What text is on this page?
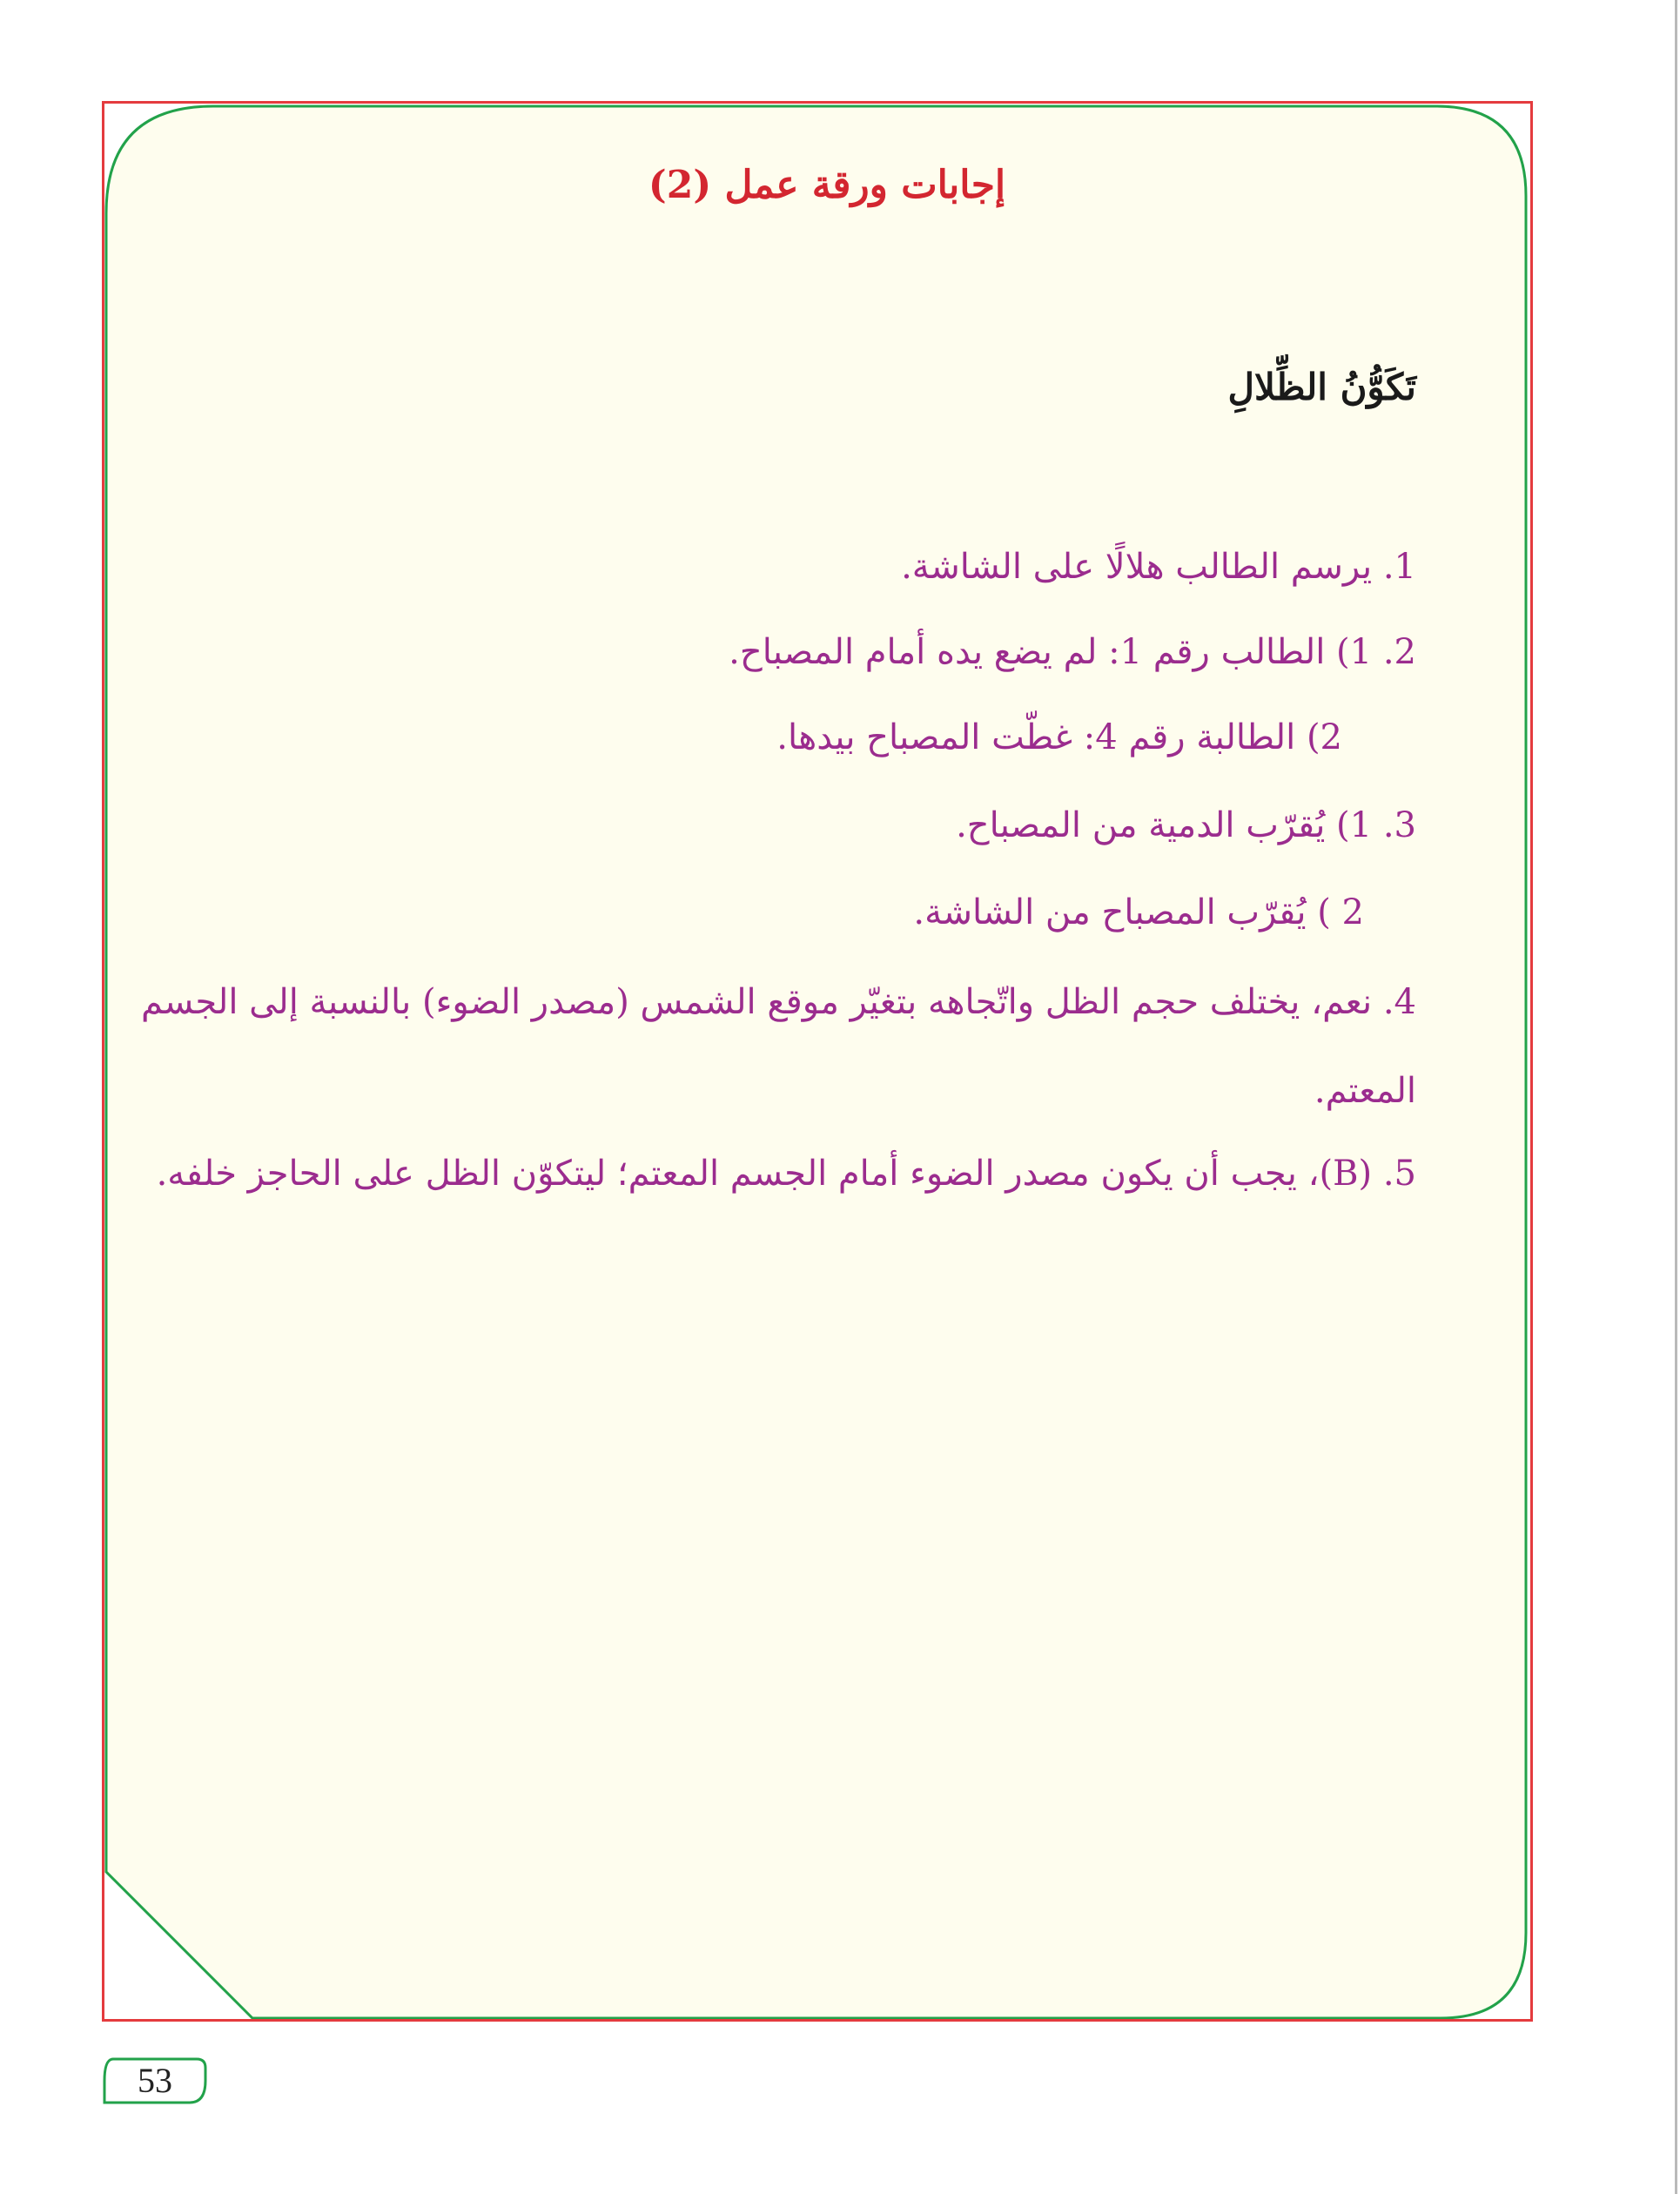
إجابات ورقة عمل (2)
تَكَوُّنُ الظِّلالِ
1. يرسم الطالب هلالًا على الشاشة.
2. 1) الطالب رقم 1: لم يضع يده أمام المصباح.
2) الطالبة رقم 4: غطّت المصباح بيدها.
3. 1) يُقرّب الدمية من المصباح.
2 ) يُقرّب المصباح من الشاشة.
4. نعم، يختلف حجم الظل واتّجاهه بتغيّر موقع الشمس (مصدر الضوء) بالنسبة إلى الجسم
المعتم.
5. (B)، يجب أن يكون مصدر الضوء أمام الجسم المعتم؛ ليتكوّن الظل على الحاجز خلفه.
53
